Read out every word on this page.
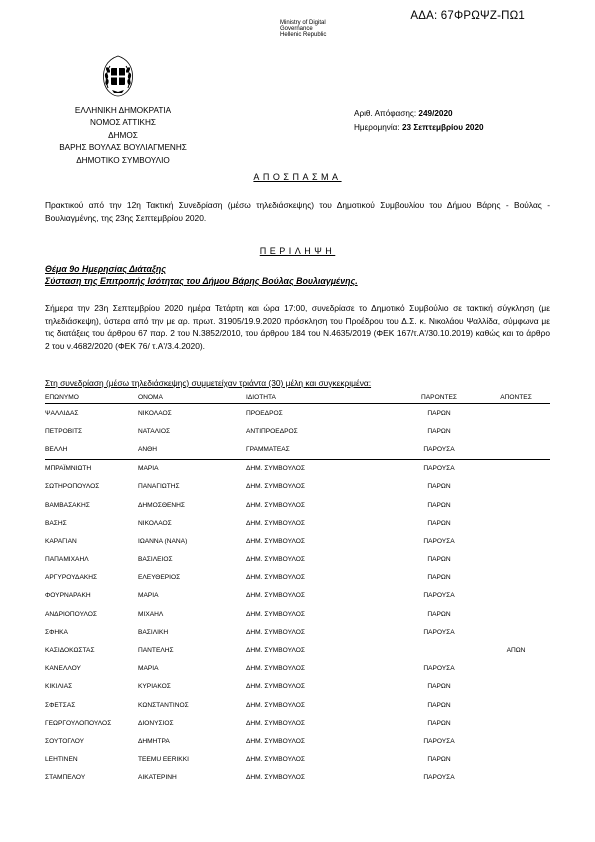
ΑΔΑ: 67ΦΡΩΨΖ-ΠΩ1
Ministry of Digital
Governance
Hellenic Republic
ΕΛΛΗΝΙΚΗ ΔΗΜΟΚΡΑΤΙΑ
ΝΟΜΟΣ ΑΤΤΙΚΗΣ
ΔΗΜΟΣ
ΒΑΡΗΣ ΒΟΥΛΑΣ ΒΟΥΛΙΑΓΜΕΝΗΣ
ΔΗΜΟΤΙΚΟ ΣΥΜΒΟΥΛΙΟ
Αριθ. Απόφασης: 249/2020
Ημερομηνία: 23 Σεπτεμβρίου 2020
ΑΠΟΣΠΑΣΜΑ
Πρακτικού από την 12η Τακτική Συνεδρίαση (μέσω τηλεδιάσκεψης) του Δημοτικού Συμβουλίου του Δήμου Βάρης - Βούλας - Βουλιαγμένης, της 23ης Σεπτεμβρίου 2020.
ΠΕΡΙΛΗΨΗ
Θέμα 9ο Ημερησίας Διάταξης
Σύσταση της Επιτροπής Ισότητας του Δήμου Βάρης Βούλας Βουλιαγμένης.
Σήμερα την 23η Σεπτεμβρίου 2020 ημέρα Τετάρτη και ώρα 17:00, συνεδρίασε το Δημοτικό Συμβούλιο σε τακτική σύγκληση (με τηλεδιάσκεψη), ύστερα από την με αρ. πρωτ. 31905/19.9.2020 πρόσκληση του Προέδρου του Δ.Σ. κ. Νικολάου Ψαλλίδα, σύμφωνα με τις διατάξεις του άρθρου 67 παρ. 2 του Ν.3852/2010, του άρθρου 184 του Ν.4635/2019 (ΦΕΚ 167/τ.Α'/30.10.2019) καθώς και το άρθρο 2 του ν.4682/2020 (ΦΕΚ 76/ τ.Α'/3.4.2020).
Στη συνεδρίαση (μέσω τηλεδιάσκεψης) συμμετείχαν τριάντα (30) μέλη και συγκεκριμένα:
ΕΠΩΝΥΜΟ	ΟΝΟΜΑ	ΙΔΙΟΤΗΤΑ	ΠΑΡΟΝΤΕΣ	ΑΠΟΝΤΕΣ
ΨΑΛΛΙΔΑΣ	ΝΙΚΟΛΑΟΣ	ΠΡΟΕΔΡΟΣ	ΠΑΡΩΝ	
ΠΕΤΡΟΒΙΤΣ	ΝΑΤΑΛΙΟΣ	ΑΝΤΙΠΡΟΕΔΡΟΣ	ΠΑΡΩΝ	
ΒΕΛΛΗ	ΑΝΘΗ	ΓΡΑΜΜΑΤΕΑΣ	ΠΑΡΟΥΣΑ	
ΜΠΡΑΪΜΝΙΩΤΗ	ΜΑΡΙΑ	ΔΗΜ. ΣΥΜΒΟΥΛΟΣ	ΠΑΡΟΥΣΑ	
ΣΩΤΗΡΟΠΟΥΛΟΣ	ΠΑΝΑΓΙΩΤΗΣ	ΔΗΜ. ΣΥΜΒΟΥΛΟΣ	ΠΑΡΩΝ	
ΒΑΜΒΑΣΑΚΗΣ	ΔΗΜΟΣΘΕΝΗΣ	ΔΗΜ. ΣΥΜΒΟΥΛΟΣ	ΠΑΡΩΝ	
ΒΑΣΗΣ	ΝΙΚΟΛΑΟΣ	ΔΗΜ. ΣΥΜΒΟΥΛΟΣ	ΠΑΡΩΝ	
ΚΑΡΑΓΙΑΝ	ΙΩΑΝΝΑ (ΝΑΝΑ)	ΔΗΜ. ΣΥΜΒΟΥΛΟΣ	ΠΑΡΟΥΣΑ	
ΠΑΠΑΜΙΧΑΗΛ	ΒΑΣΙΛΕΙΟΣ	ΔΗΜ. ΣΥΜΒΟΥΛΟΣ	ΠΑΡΩΝ	
ΑΡΓΥΡΟΥΔΑΚΗΣ	ΕΛΕΥΘΕΡΙΟΣ	ΔΗΜ. ΣΥΜΒΟΥΛΟΣ	ΠΑΡΩΝ	
ΦΟΥΡΝΑΡΑΚΗ	ΜΑΡΙΑ	ΔΗΜ. ΣΥΜΒΟΥΛΟΣ	ΠΑΡΟΥΣΑ	
ΑΝΔΡΙΟΠΟΥΛΟΣ	ΜΙΧΑΗΛ	ΔΗΜ. ΣΥΜΒΟΥΛΟΣ	ΠΑΡΩΝ	
ΣΦΗΚΑ	ΒΑΣΙΛΙΚΗ	ΔΗΜ. ΣΥΜΒΟΥΛΟΣ	ΠΑΡΟΥΣΑ	
ΚΑΣΙΔΟΚΩΣΤΑΣ	ΠΑΝΤΕΛΗΣ	ΔΗΜ. ΣΥΜΒΟΥΛΟΣ		ΑΠΩΝ
ΚΑΝΕΛΛΟΥ	ΜΑΡΙΑ	ΔΗΜ. ΣΥΜΒΟΥΛΟΣ	ΠΑΡΟΥΣΑ	
ΚΙΚΙΛΙΑΣ	ΚΥΡΙΑΚΟΣ	ΔΗΜ. ΣΥΜΒΟΥΛΟΣ	ΠΑΡΩΝ	
ΣΦΕΤΣΑΣ	ΚΩΝΣΤΑΝΤΙΝΟΣ	ΔΗΜ. ΣΥΜΒΟΥΛΟΣ	ΠΑΡΩΝ	
ΓΕΩΡΓΟΥΛΟΠΟΥΛΟΣ	ΔΙΟΝΥΣΙΟΣ	ΔΗΜ. ΣΥΜΒΟΥΛΟΣ	ΠΑΡΩΝ	
ΣΟΥΤΟΓΛΟΥ	ΔΗΜΗΤΡΑ	ΔΗΜ. ΣΥΜΒΟΥΛΟΣ	ΠΑΡΟΥΣΑ	
LEHTINEN	TEEMU EERIKKI	ΔΗΜ. ΣΥΜΒΟΥΛΟΣ	ΠΑΡΩΝ	
ΣΤΑΜΠΕΛΟΥ	ΑΙΚΑΤΕΡΙΝΗ	ΔΗΜ. ΣΥΜΒΟΥΛΟΣ	ΠΑΡΟΥΣΑ	
